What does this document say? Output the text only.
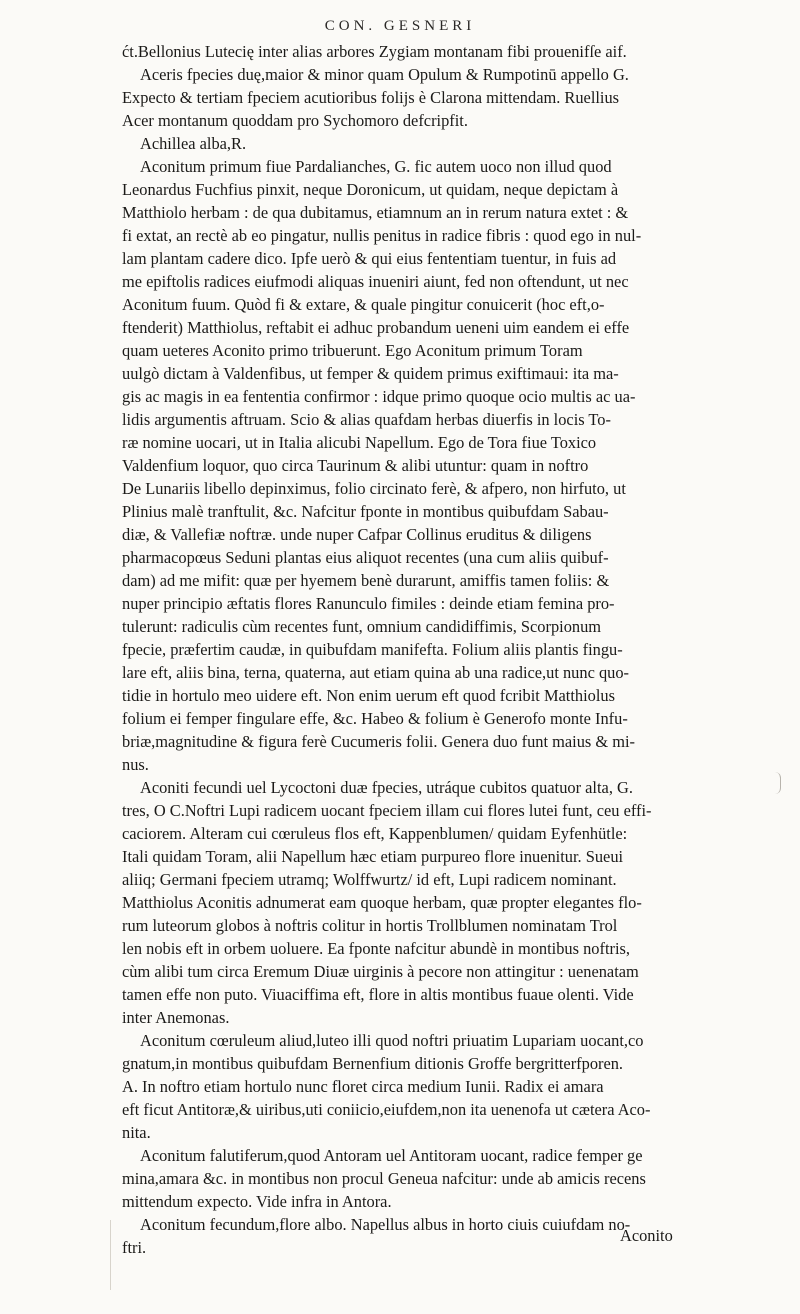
CON. GESNERI
ćt.Bellonius Lutecię inter alias arbores Zygiam montanam fibi prouenifſe aif.
Aceris fpecies duę,maior & minor quam Opulum & Rumpotinū appello G.
Expecto & tertiam fpeciem acutioribus folijs è Clarona mittendam. Ruellius
Acer montanum quoddam pro Sychomoro defcripfit.
Achillea alba,R.
Aconitum primum fiue Pardalianches, G. fic autem uoco non illud quod
Leonardus Fuchfius pinxit, neque Doronicum, ut quidam, neque depictam à
Matthiolo herbam : de qua dubitamus, etiamnum an in rerum natura extet : &
fi extat, an rectè ab eo pingatur, nullis penitus in radice fibris : quod ego in nul-
lam plantam cadere dico. Ipfe uerò & qui eius fententiam tuentur, in fuis ad
me epiftolis radices eiufmodi aliquas inueniri aiunt, fed non oftendunt, ut nec
Aconitum fuum. Quòd fi & extare, & quale pingitur conuicerit (hoc eft,o-
ftenderit) Matthiolus, reftabit ei adhuc probandum ueneni uim eandem ei effe
quam ueteres Aconito primo tribuerunt. Ego Aconitum primum Toram
uulgò dictam à Valdenfibus, ut femper & quidem primus exiftimaui: ita ma-
gis ac magis in ea fententia confirmor : idque primo quoque ocio multis ac ua-
lidis argumentis aftruam. Scio & alias quafdam herbas diuerfis in locis To-
ræ nomine uocari, ut in Italia alicubi Napellum. Ego de Tora fiue Toxico
Valdenfium loquor, quo circa Taurinum & alibi utuntur: quam in noftro
De Lunariis libello depinximus, folio circinato ferè, & afpero, non hirfuto, ut
Plinius malè tranftulit, &c. Nafcitur fponte in montibus quibufdam Sabau-
diæ, & Vallefiæ noftræ. unde nuper Cafpar Collinus eruditus & diligens
pharmacopœus Seduni plantas eius aliquot recentes (una cum aliis quibuf-
dam) ad me mifit: quæ per hyemem benè durarunt, amiffis tamen foliis: &
nuper principio æftatis flores Ranunculo fimiles : deinde etiam femina pro-
tulerunt: radiculis cùm recentes funt, omnium candidiffimis, Scorpionum
fpecie, præfertim caudæ, in quibufdam manifefta. Folium aliis plantis fingu-
lare eft, aliis bina, terna, quaterna, aut etiam quina ab una radice,ut nunc quo-
tidie in hortulo meo uidere eft. Non enim uerum eft quod fcribit Matthiolus
folium ei femper fingulare effe, &c. Habeo & folium è Generofo monte Infu-
briæ,magnitudine & figura ferè Cucumeris folii. Genera duo funt maius & mi-
nus.
Aconiti fecundi uel Lycoctoni duæ fpecies, utráque cubitos quatuor alta, G.
tres, O C.Noftri Lupi radicem uocant fpeciem illam cui flores lutei funt, ceu effi-
caciorem. Alteram cui cœruleus flos eft, Kappenblumen/ quidam Eyfenhütle:
Itali quidam Toram, alii Napellum hæc etiam purpureo flore inuenitur. Sueui
aliiq; Germani fpeciem utramq; Wolffwurtz/ id eft, Lupi radicem nominant.
Matthiolus Aconitis adnumerat eam quoque herbam, quæ propter elegantes flo-
rum luteorum globos à noftris colitur in hortis Trollblumen nominatam Trol
len nobis eft in orbem uoluere. Ea fponte nafcitur abundè in montibus noftris,
cùm alibi tum circa Eremum Diuæ uirginis à pecore non attingitur : uenenatam
tamen effe non puto. Viuaciffima eft, flore in altis montibus fuaue olenti. Vide
inter Anemonas.
Aconitum cœruleum aliud,luteo illi quod noftri priuatim Lupariam uocant,co
gnatum,in montibus quibufdam Bernenfium ditionis Groffe bergritterfporen.
A. In noftro etiam hortulo nunc floret circa medium Iunii. Radix ei amara
eft ficut Antitoræ,& uiribus,uti coniicio,eiufdem,non ita uenenofa ut cætera Aco-
nita.
Aconitum falutiferum,quod Antoram uel Antitoram uocant, radice femper ge
mina,amara &c. in montibus non procul Geneua nafcitur: unde ab amicis recens
mittendum expecto. Vide infra in Antora.
Aconitum fecundum,flore albo. Napellus albus in horto ciuis cuiufdam no-
ftri.
Aconito
